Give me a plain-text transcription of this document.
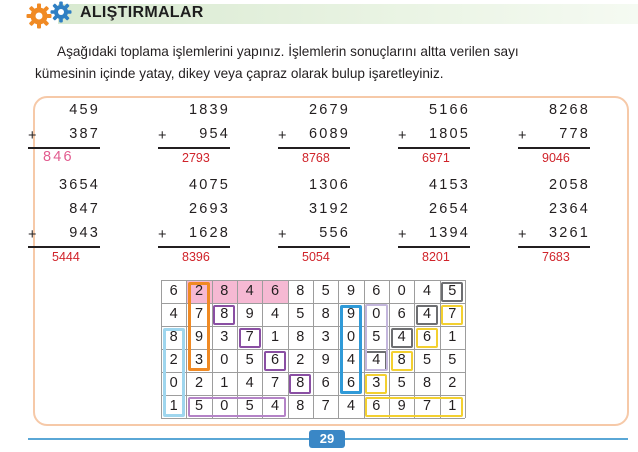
ALIŞTIRMALAR
Aşağıdaki toplama işlemlerini yapınız. İşlemlerin sonuçlarını altta verilen sayı
kümesinin içinde yatay, dikey veya çapraz olarak bulup işaretleyiniz.
459
387
+
846
1839
954
+
2793
2679
6089
+
8768
5166
1805
+
6971
8268
778
+
9046
3654
847
943
+
5444
4075
2693
1628
+
8396
1306
3192
556
+
5054
4153
2654
1394
+
8201
2058
2364
3261
+
7683
6	2	8	4	6	8	5	9	6	0	4	5
4	7	8	9	4	5	8	9	0	6	4	7
8	9	3	7	1	8	3	0	5	4	6	1
2	3	0	5	6	2	9	4	4	8	5	5
0	2	1	4	7	8	6	6	3	5	8	2
1	5	0	5	4	8	7	4	6	9	7	1
29
